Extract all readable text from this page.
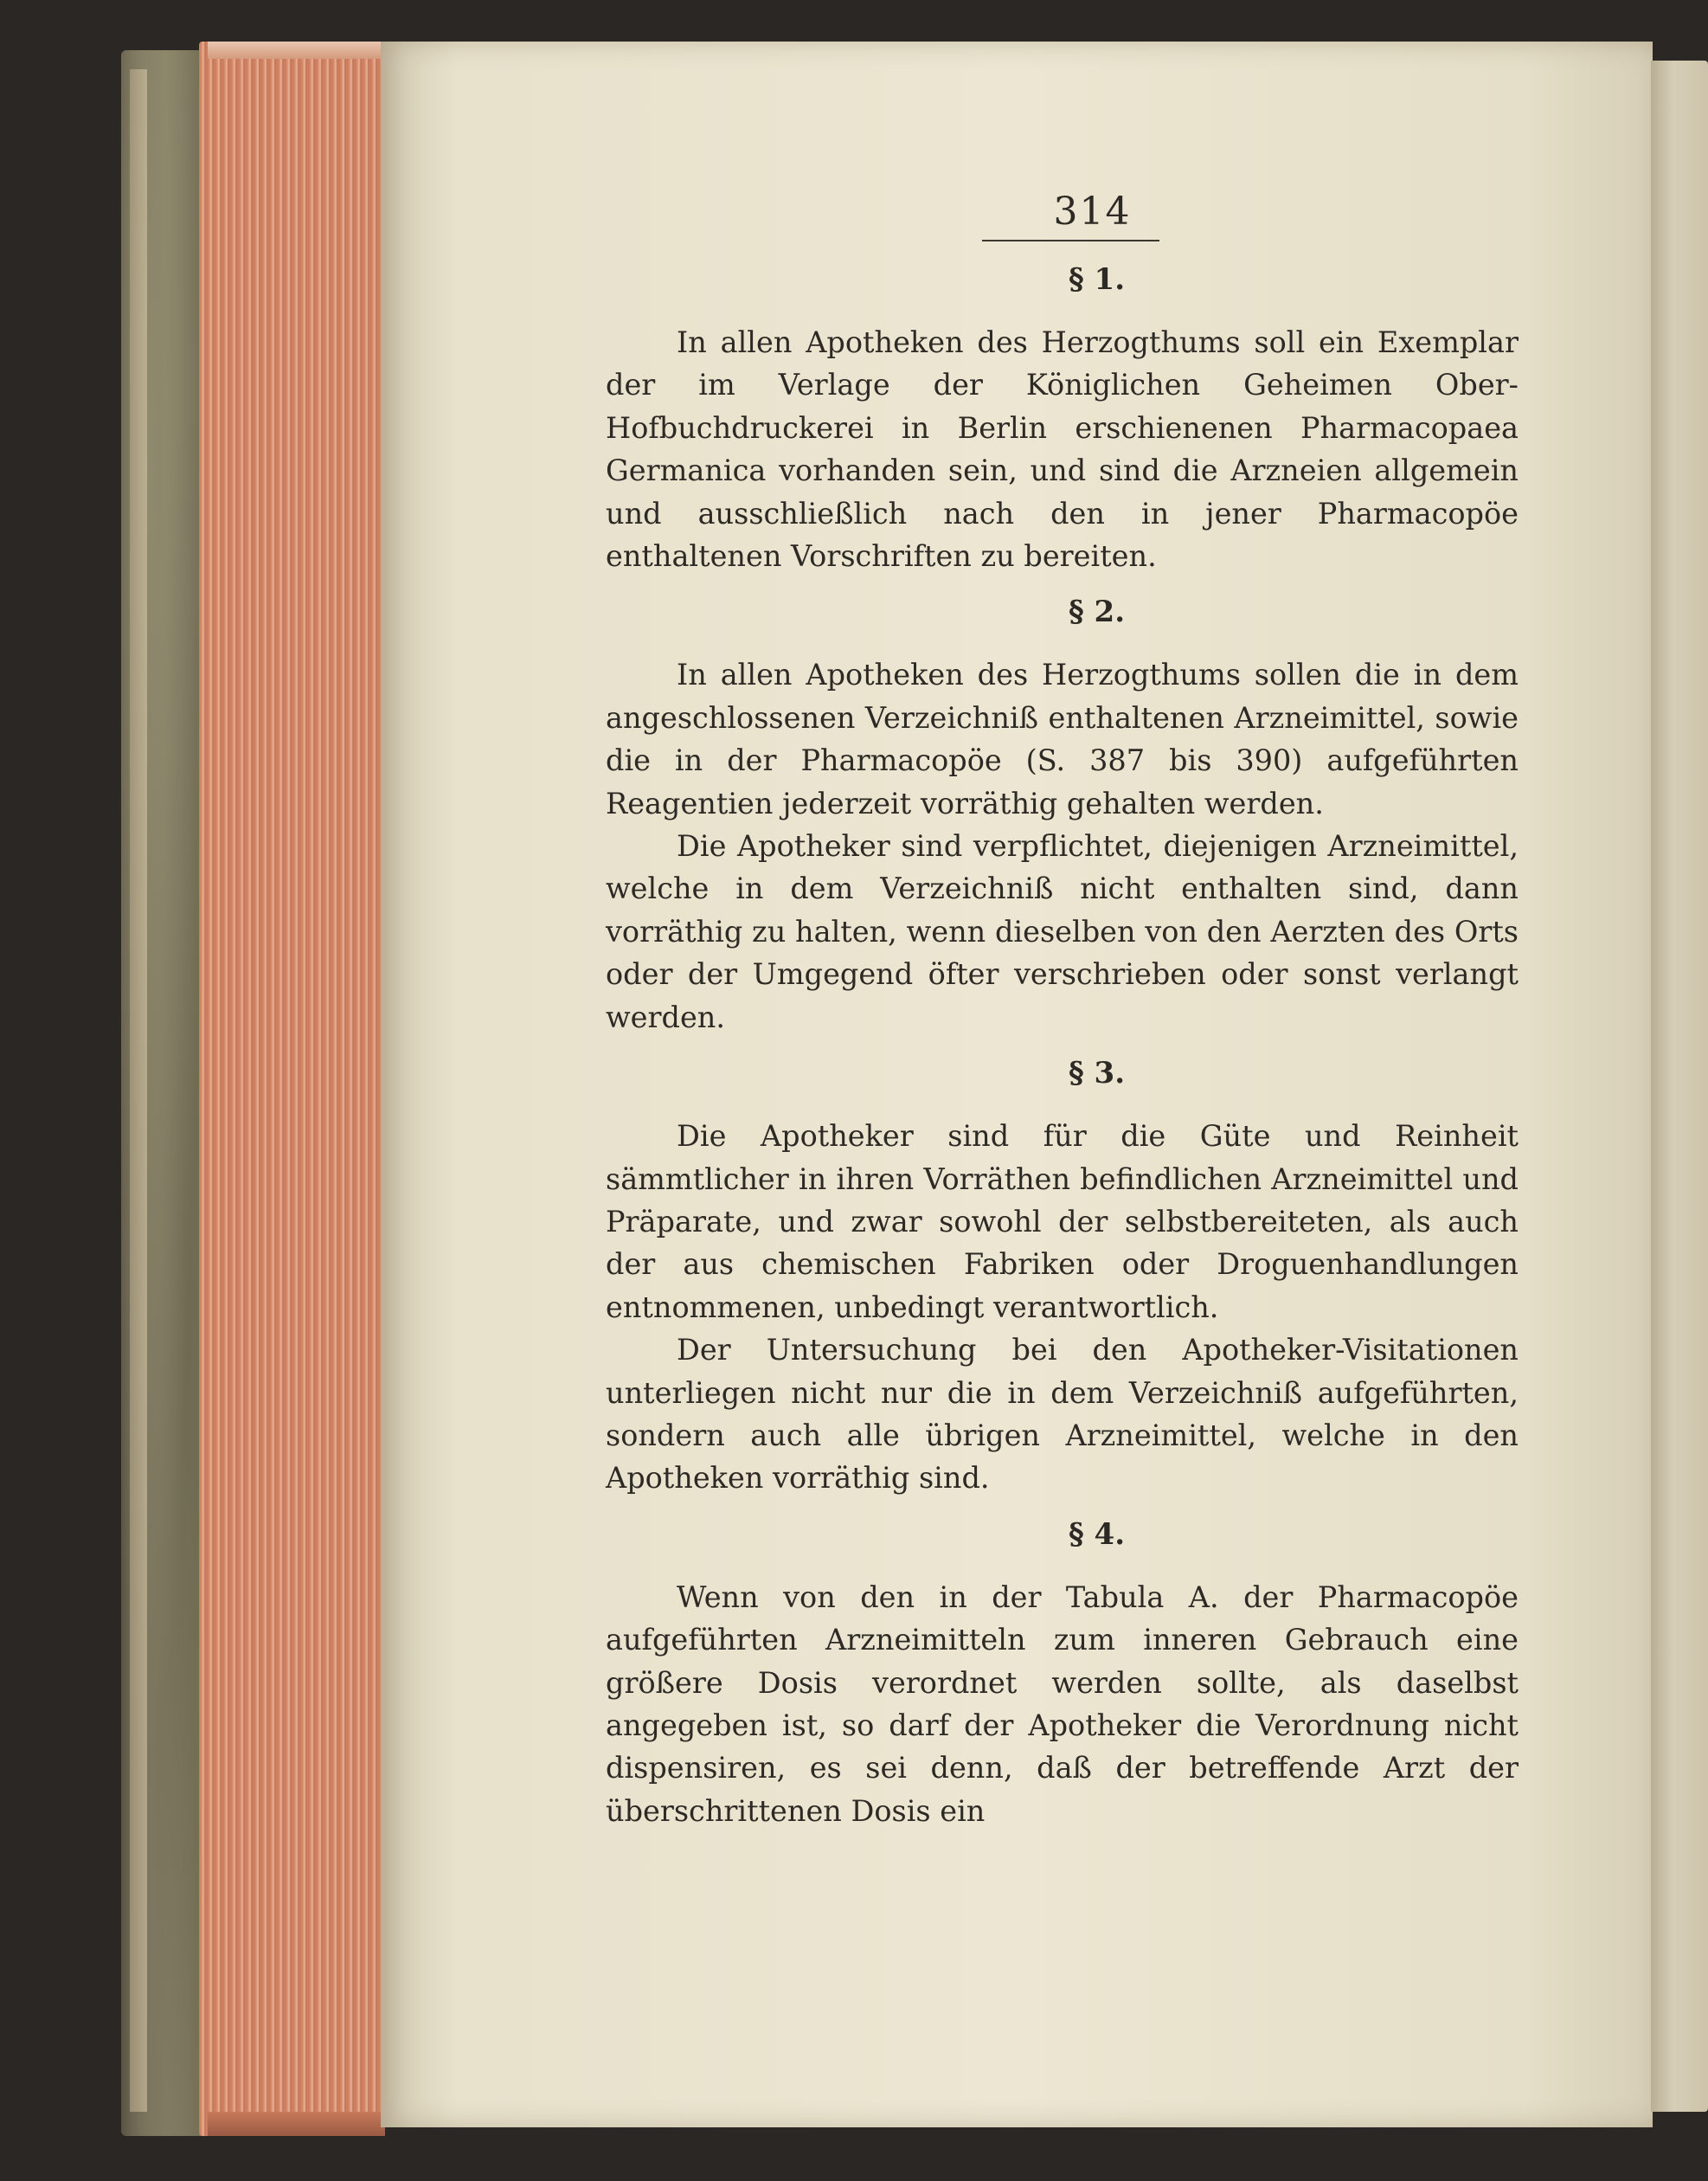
314
§ 1.

In allen Apotheken des Herzogthums soll ein Exemplar der im Verlage der Königlichen Geheimen Ober-Hofbuchdruckerei in Berlin erschienenen Pharmacopaea Germanica vorhanden sein, und sind die Arzneien allgemein und ausschließlich nach den in jener Pharmacopöe enthaltenen Vorschriften zu bereiten.

§ 2.

In allen Apotheken des Herzogthums sollen die in dem angeschlossenen Verzeichniß enthaltenen Arzneimittel, sowie die in der Pharmacopöe (S. 387 bis 390) aufgeführten Reagentien jederzeit vorräthig gehalten werden.

Die Apotheker sind verpflichtet, diejenigen Arzneimittel, welche in dem Verzeichniß nicht enthalten sind, dann vorräthig zu halten, wenn dieselben von den Aerzten des Orts oder der Umgegend öfter verschrieben oder sonst verlangt werden.

§ 3.

Die Apotheker sind für die Güte und Reinheit sämmtlicher in ihren Vorräthen befindlichen Arzneimittel und Präparate, und zwar sowohl der selbstbereiteten, als auch der aus chemischen Fabriken oder Droguenhandlungen entnommenen, unbedingt verantwortlich.

Der Untersuchung bei den Apotheker-Visitationen unterliegen nicht nur die in dem Verzeichniß aufgeführten, sondern auch alle übrigen Arzneimittel, welche in den Apotheken vorräthig sind.

§ 4.

Wenn von den in der Tabula A. der Pharmacopöe aufgeführten Arzneimitteln zum inneren Gebrauch eine größere Dosis verordnet werden sollte, als daselbst angegeben ist, so darf der Apotheker die Verordnung nicht dispensiren, es sei denn, daß der betreffende Arzt der überschrittenen Dosis ein
